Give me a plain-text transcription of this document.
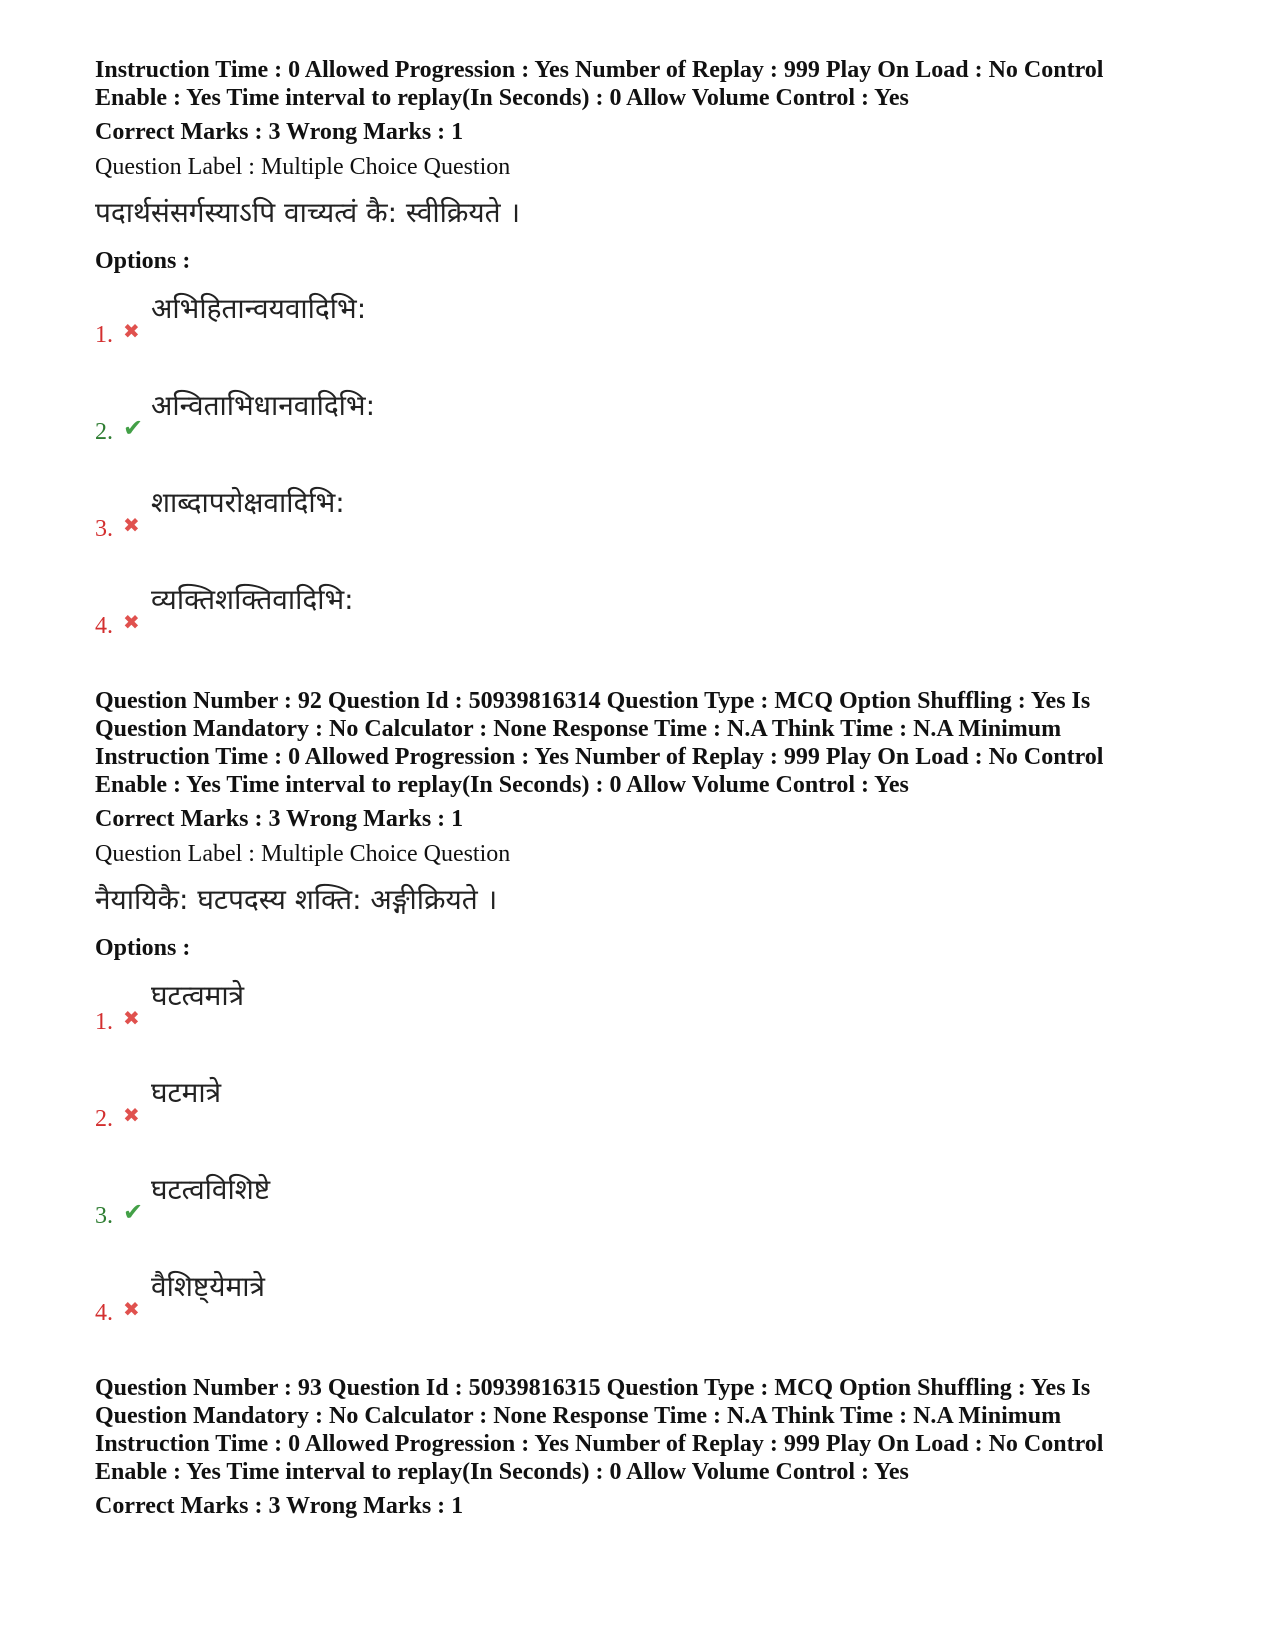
Instruction Time : 0 Allowed Progression : Yes Number of Replay : 999 Play On Load : No Control
Enable : Yes Time interval to replay(In Seconds) : 0 Allow Volume Control : Yes

Correct Marks : 3 Wrong Marks : 1
Question Label : Multiple Choice Question
पदार्थसंसर्गस्याऽपि वाच्यत्वं कै: स्वीक्रियते ।
Options :
1. ✖
अभिहितान्वयवादिभि:
2. ✔
अन्विताभिधानवादिभि:
3. ✖
शाब्दापरोक्षवादिभि:
4. ✖
व्यक्तिशक्तिवादिभि:

Question Number : 92 Question Id : 50939816314 Question Type : MCQ Option Shuffling : Yes Is
Question Mandatory : No Calculator : None Response Time : N.A Think Time : N.A Minimum
Instruction Time : 0 Allowed Progression : Yes Number of Replay : 999 Play On Load : No Control
Enable : Yes Time interval to replay(In Seconds) : 0 Allow Volume Control : Yes

Correct Marks : 3 Wrong Marks : 1
Question Label : Multiple Choice Question
नैयायिकै: घटपदस्य शक्ति: अङ्गीक्रियते ।
Options :
1. ✖
घटत्वमात्रे
2. ✖
घटमात्रे
3. ✔
घटत्वविशिष्टे
4. ✖
वैशिष्ट्येमात्रे

Question Number : 93 Question Id : 50939816315 Question Type : MCQ Option Shuffling : Yes Is
Question Mandatory : No Calculator : None Response Time : N.A Think Time : N.A Minimum
Instruction Time : 0 Allowed Progression : Yes Number of Replay : 999 Play On Load : No Control
Enable : Yes Time interval to replay(In Seconds) : 0 Allow Volume Control : Yes

Correct Marks : 3 Wrong Marks : 1
